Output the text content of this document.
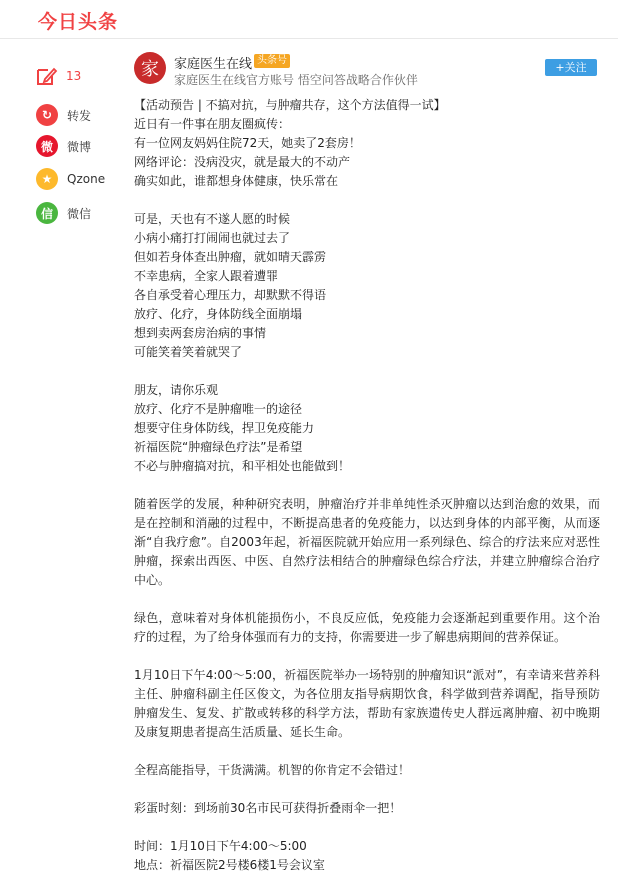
今日头条
13
↻	转发
微	微博
★	Qzone
信	微信
家	家庭医生在线 头条号
家庭医生在线官方账号 悟空问答战略合作伙伴
+关注
【活动预告 | 不搞对抗，与肿瘤共存，这个方法值得一试】
近日有一件事在朋友圈疯传：
有一位网友妈妈住院72天，她卖了2套房！
网络评论：没病没灾，就是最大的不动产
确实如此，谁都想身体健康，快乐常在
可是，天也有不遂人愿的时候
小病小痛打打闹闹也就过去了
但如若身体查出肿瘤，就如晴天霹雳
不幸患病，全家人跟着遭罪
各自承受着心理压力，却默默不得语
放疗、化疗，身体防线全面崩塌
想到卖两套房治病的事情
可能笑着笑着就哭了
朋友，请你乐观
放疗、化疗不是肿瘤唯一的途径
想要守住身体防线，捍卫免疫能力
祈福医院“肿瘤绿色疗法”是希望
不必与肿瘤搞对抗，和平相处也能做到！
随着医学的发展，种种研究表明，肿瘤治疗并非单纯性杀灭肿瘤以达到治愈的效果，而是在控制和消融的过程中，不断提高患者的免疫能力，以达到身体的内部平衡，从而逐渐“自我疗愈”。自2003年起，祈福医院就开始应用一系列绿色、综合的疗法来应对恶性肿瘤，探索出西医、中医、自然疗法相结合的肿瘤绿色综合疗法，并建立肿瘤综合治疗中心。
绿色，意味着对身体机能损伤小，不良反应低，免疫能力会逐渐起到重要作用。这个治疗的过程，为了给身体强而有力的支持，你需要进一步了解患病期间的营养保证。
1月10日下午4:00～5:00，祈福医院举办一场特别的肿瘤知识“派对”，有幸请来营养科主任、肿瘤科副主任区俊文，为各位朋友指导病期饮食，科学做到营养调配，指导预防肿瘤发生、复发、扩散或转移的科学方法，帮助有家族遗传史人群远离肿瘤、初中晚期及康复期患者提高生活质量、延长生命。
全程高能指导，干货满满。机智的你肯定不会错过！
彩蛋时刻：到场前30名市民可获得折叠雨伞一把！
时间：1月10日下午4:00～5:00
地点：祈福医院2号楼6楼1号会议室
